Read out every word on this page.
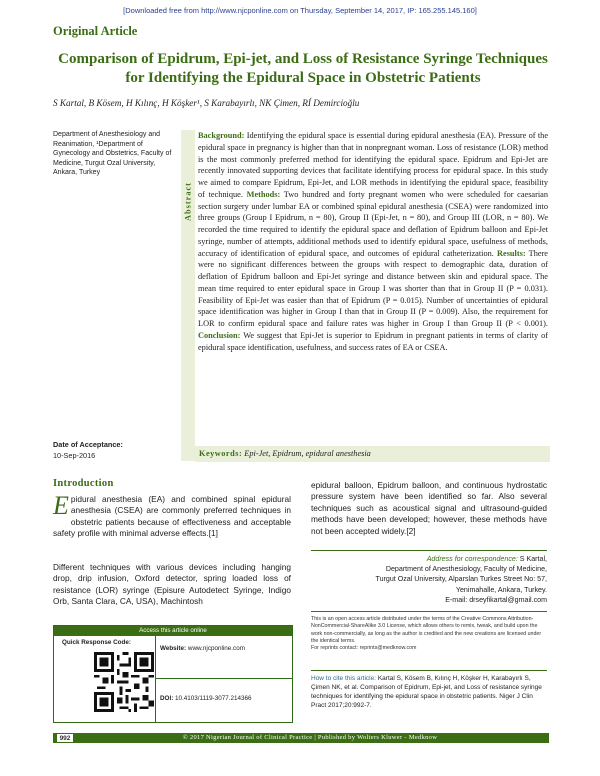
[Downloaded free from http://www.njcponline.com on Thursday, September 14, 2017, IP: 165.255.145.160]
Original Article
Comparison of Epidrum, Epi-jet, and Loss of Resistance Syringe Techniques for Identifying the Epidural Space in Obstetric Patients
S Kartal, B Kösem, H Kılınç, H Köşker¹, S Karabayırlı, NK Çimen, RÍ Demircioğlu
Department of Anesthesiology and Reanimation, ¹Department of Gynecology and Obstetrics, Faculty of Medicine, Turgut Ozal University, Ankara, Turkey
Date of Acceptance:
10-Sep-2016
Abstract
Background: Identifying the epidural space is essential during epidural anesthesia (EA). Pressure of the epidural space in pregnancy is higher than that in nonpregnant woman. Loss of resistance (LOR) method is the most commonly preferred method for identifying the epidural space. Epidrum and Epi-Jet are recently innovated supporting devices that facilitate identifying process for epidural space. In this study we aimed to compare Epidrum, Epi-Jet, and LOR methods in identifying the epidural space, feasibility of technique. Methods: Two hundred and forty pregnant women who were scheduled for caesarian section surgery under lumbar EA or combined spinal epidural anesthesia (CSEA) were randomized into three groups (Group I Epidrum, n = 80), Group II (Epi-Jet, n = 80), and Group III (LOR, n = 80). We recorded the time required to identify the epidural space and deflation of Epidrum balloon and Epi-Jet syringe, number of attempts, additional methods used to identify epidural space, usefulness of methods, accuracy of identification of epidural space, and outcomes of epidural catheterization. Results: There were no significant differences between the groups with respect to demographic data, duration of deflation of Epidrum balloon and Epi-Jet syringe and distance between skin and epidural space. The mean time required to enter epidural space in Group I was shorter than that in Group II (P = 0.031). Feasibility of Epi-Jet was easier than that of Epidrum (P = 0.015). Number of uncertainties of epidural space identification was higher in Group I than that in Group II (P = 0.009). Also, the requirement for LOR to confirm epidural space and failure rates was higher in Group I than Group II (P < 0.001). Conclusion: We suggest that Epi-Jet is superior to Epidrum in pregnant patients in terms of clarity of epidural space identification, usefulness, and success rates of EA or CSEA.
Keywords: Epi-Jet, Epidrum, epidural anesthesia
Introduction
Epidural anesthesia (EA) and combined spinal epidural anesthesia (CSEA) are commonly preferred techniques in obstetric patients because of effectiveness and acceptable safety profile with minimal adverse effects.[1]
Different techniques with various devices including hanging drop, drip infusion, Oxford detector, spring loaded loss of resistance (LOR) syringe (Episure Autodetect Syringe, Indigo Orb, Santa Clara, CA, USA), Machintosh
epidural balloon, Epidrum balloon, and continuous hydrostatic pressure system have been identified so far. Also several techniques such as acoustical signal and ultrasound-guided methods have been developed; however, these methods have not been accepted widely.[2]
Address for correspondence: S Kartal,
Department of Anesthesiology, Faculty of Medicine,
Turgut Ozal University, Alparslan Turkes Street No: 57,
Yenimahalle, Ankara, Turkey.
E-mail: drseyfikartal@gmail.com
This is an open access article distributed under the terms of the Creative Commons Attribution-NonCommercial-ShareAlike 3.0 License, which allows others to remix, tweak, and build upon the work non-commercially, as long as the author is credited and the new creations are licensed under the identical terms.
For reprints contact: reprints@medknow.com
How to cite this article: Kartal S, Kösem B, Kılınç H, Köşker H, Karabayırlı S, Çimen NK, et al. Comparison of Epidrum, Epi-jet, and Loss of resistance syringe techniques for identifying the epidural space in obstetric patients. Niger J Clin Pract 2017;20:992-7.
Access this article online
Quick Response Code:
Website: www.njcponline.com
DOI: 10.4103/1119-3077.214366
992	© 2017 Nigerian Journal of Clinical Practice | Published by Wolters Kluwer - Medknow
